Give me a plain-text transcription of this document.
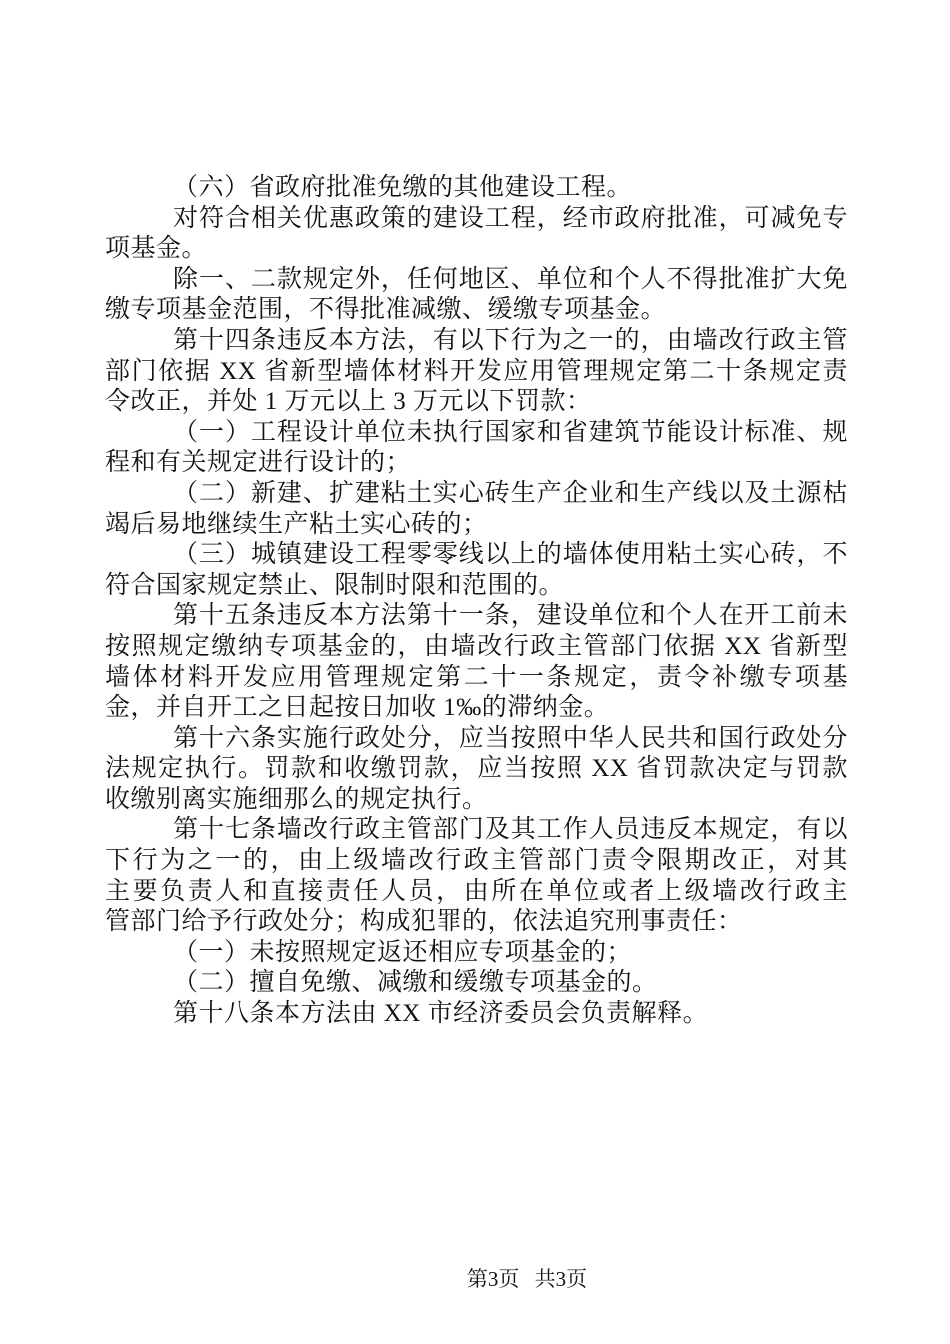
（六）省政府批准免缴的其他建设工程。
对符合相关优惠政策的建设工程，经市政府批准，可减免专
项基金。
除一、二款规定外，任何地区、单位和个人不得批准扩大免
缴专项基金范围，不得批准减缴、缓缴专项基金。
第十四条违反本方法，有以下行为之一的，由墙改行政主管
部门依据 XX 省新型墙体材料开发应用管理规定第二十条规定责
令改正，并处 1 万元以上 3 万元以下罚款：
（一）工程设计单位未执行国家和省建筑节能设计标准、规
程和有关规定进行设计的；
（二）新建、扩建粘土实心砖生产企业和生产线以及土源枯
竭后易地继续生产粘土实心砖的；
（三）城镇建设工程零零线以上的墙体使用粘土实心砖，不
符合国家规定禁止、限制时限和范围的。
第十五条违反本方法第十一条，建设单位和个人在开工前未
按照规定缴纳专项基金的，由墙改行政主管部门依据 XX 省新型
墙体材料开发应用管理规定第二十一条规定，责令补缴专项基
金，并自开工之日起按日加收 1‰的滞纳金。
第十六条实施行政处分，应当按照中华人民共和国行政处分
法规定执行。罚款和收缴罚款，应当按照 XX 省罚款决定与罚款
收缴别离实施细那么的规定执行。
第十七条墙改行政主管部门及其工作人员违反本规定，有以
下行为之一的，由上级墙改行政主管部门责令限期改正，对其
主要负责人和直接责任人员，由所在单位或者上级墙改行政主
管部门给予行政处分；构成犯罪的，依法追究刑事责任：
（一）未按照规定返还相应专项基金的；
（二）擅自免缴、减缴和缓缴专项基金的。
第十八条本方法由 XX 市经济委员会负责解释。

第3页 共3页
